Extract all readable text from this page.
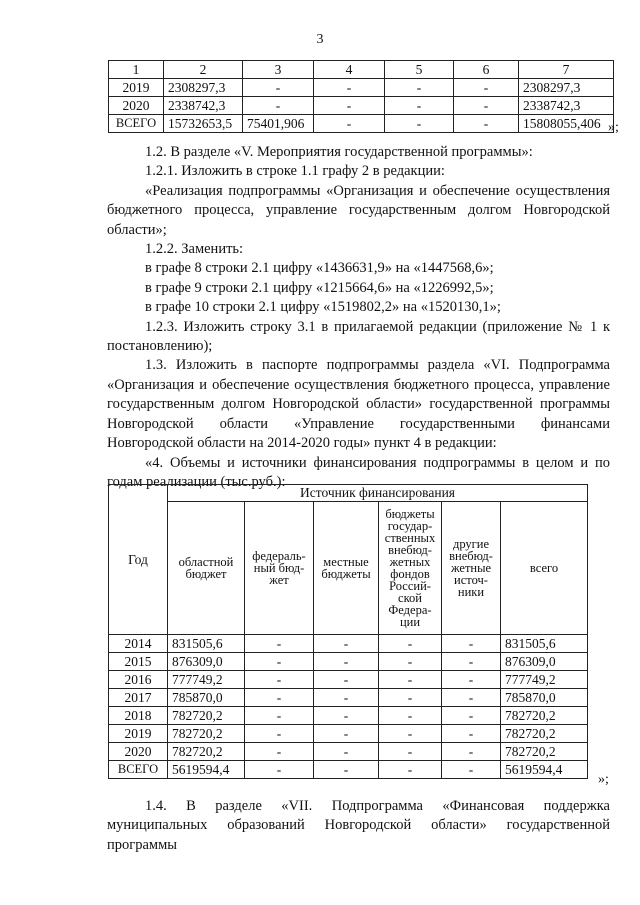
3
1	2	3	4	5	6	7
2019	2308297,3	-	-	-	-	2308297,3
2020	2338742,3	-	-	-	-	2338742,3
ВСЕГО	15732653,5	75401,906	-	-	-	15808055,406 »;

1.2. В разделе «V. Мероприятия государственной программы»:

1.2.1. Изложить в строке 1.1 графу 2 в редакции:

«Реализация подпрограммы «Организация и обеспечение осуществления бюджетного процесса, управление государственным долгом Новгородской области»;

1.2.2. Заменить:

в графе 8 строки 2.1 цифру «1436631,9» на «1447568,6»;

в графе 9 строки 2.1 цифру «1215664,6» на «1226992,5»;

в графе 10 строки 2.1 цифру «1519802,2» на «1520130,1»;

1.2.3. Изложить строку 3.1 в прилагаемой редакции (приложение № 1 к постановлению);

1.3. Изложить в паспорте подпрограммы раздела «VI. Подпрограмма «Организация и обеспечение осуществления бюджетного процесса, управление государственным долгом Новгородской области» государственной программы Новгородской области «Управление государственными финансами Новгородской области на 2014-2020 годы» пункт 4 в редакции:

«4. Объемы и источники финансирования подпрограммы в целом и по годам реализации (тыс.руб.):

Год	Источник финансирования					
	областной бюджет	федераль-ный бюд-жет	местные бюджеты	бюджеты государ-ственных внебюд-жетных фондов Россий-ской Федера-ции	другие внебюд-жетные источ-ники	всего
2014	831505,6	-	-	-	-	831505,6
2015	876309,0	-	-	-	-	876309,0
2016	777749,2	-	-	-	-	777749,2
2017	785870,0	-	-	-	-	785870,0
2018	782720,2	-	-	-	-	782720,2
2019	782720,2	-	-	-	-	782720,2
2020	782720,2	-	-	-	-	782720,2
ВСЕГО	5619594,4	-	-	-	-	5619594,4
»;

1.4. В разделе «VII. Подпрограмма «Финансовая поддержка муниципальных образований Новгородской области» государственной программы
